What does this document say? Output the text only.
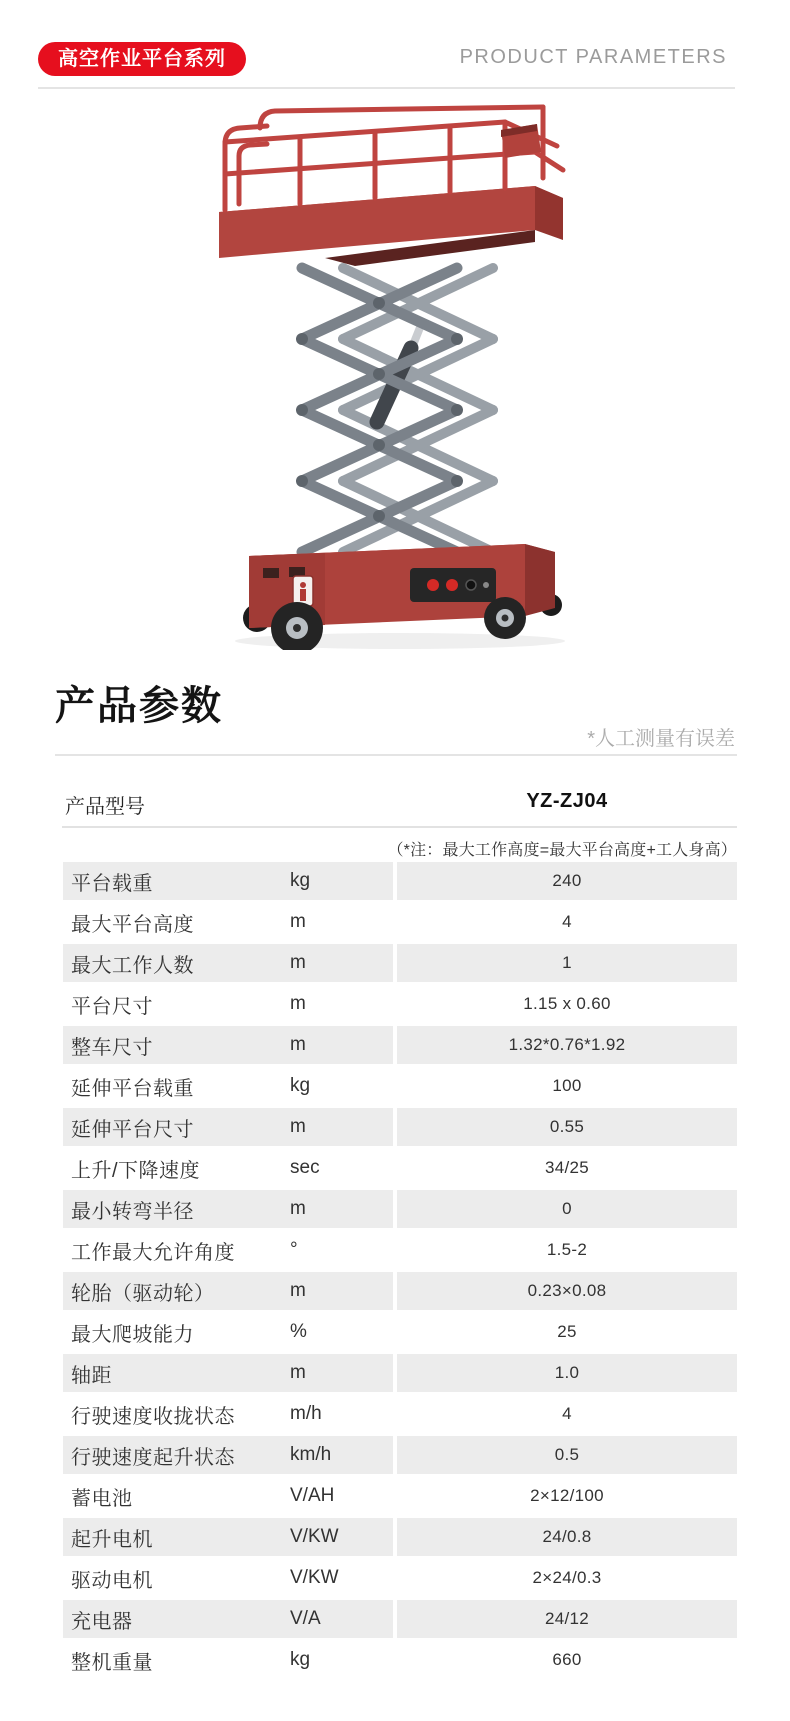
高空作业平台系列	PRODUCT PARAMETERS
产品参数
*人工测量有误差
产品型号	YZ-ZJ04
（*注：最大工作高度=最大平台高度+工人身高）
平台载重	kg	240
最大平台高度	m	4
最大工作人数	m	1
平台尺寸	m	1.15 x 0.60
整车尺寸	m	1.32*0.76*1.92
延伸平台载重	kg	100
延伸平台尺寸	m	0.55
上升/下降速度	sec	34/25
最小转弯半径	m	0
工作最大允许角度	°	1.5-2
轮胎（驱动轮）	m	0.23×0.08
最大爬坡能力	%	25
轴距	m	1.0
行驶速度收拢状态	m/h	4
行驶速度起升状态	km/h	0.5
蓄电池	V/AH	2×12/100
起升电机	V/KW	24/0.8
驱动电机	V/KW	2×24/0.3
充电器	V/A	24/12
整机重量	kg	660
